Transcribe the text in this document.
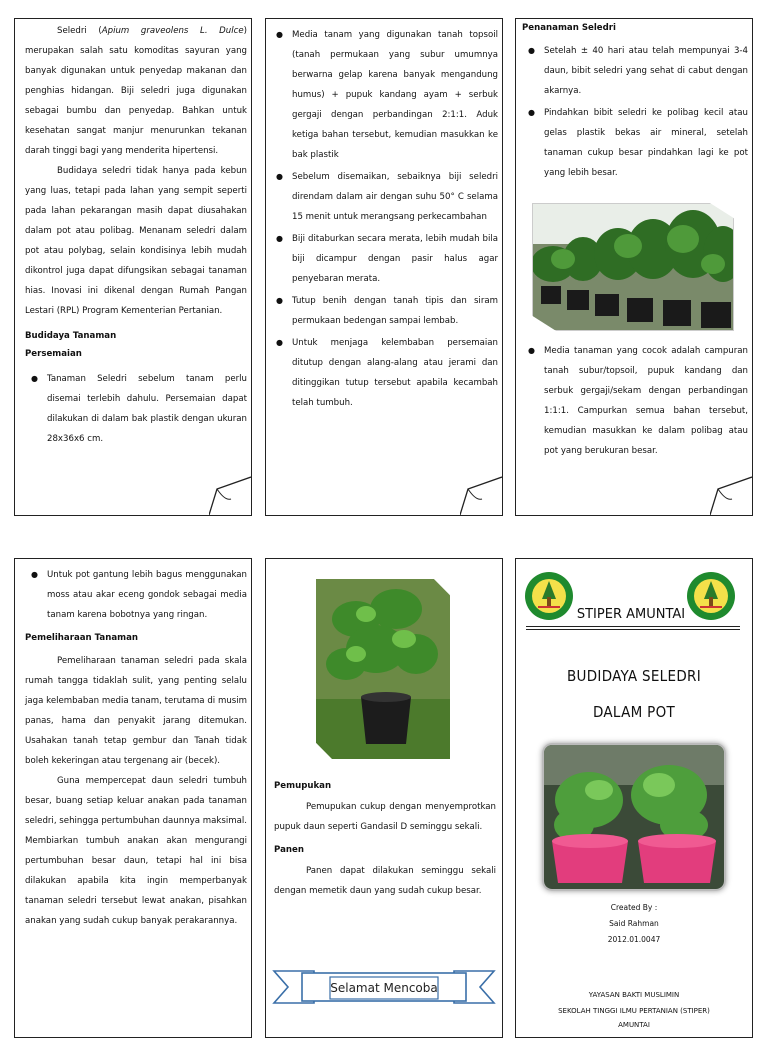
Seledri (Apium graveolens L. Dulce) merupakan salah satu komoditas sayuran yang banyak digunakan untuk penyedap makanan dan penghias hidangan. Biji seledri juga digunakan sebagai bumbu dan penyedap. Bahkan untuk kesehatan sangat manjur menurunkan tekanan darah tinggi bagi yang menderita hipertensi.

Budidaya seledri tidak hanya pada kebun yang luas, tetapi pada lahan yang sempit seperti pada lahan pekarangan masih dapat diusahakan dalam pot atau polibag. Menanam seledri dalam pot atau polybag, selain kondisinya lebih mudah dikontrol juga dapat difungsikan sebagai tanaman hias. Inovasi ini dikenal dengan Rumah Pangan Lestari (RPL) Program Kementerian Pertanian.

Budidaya Tanaman
Persemaian
● Tanaman Seledri sebelum tanam perlu disemai terlebih dahulu. Persemaian dapat dilakukan di dalam bak plastik dengan ukuran 28x36x6 cm.
● Media tanam yang digunakan tanah topsoil (tanah permukaan yang subur umumnya berwarna gelap karena banyak mengandung humus) + pupuk kandang ayam + serbuk gergaji dengan perbandingan 2:1:1. Aduk ketiga bahan tersebut, kemudian masukkan ke bak plastik
● Sebelum disemaikan, sebaiknya biji seledri direndam dalam air dengan suhu 50° C selama 15 menit untuk merangsang perkecambahan
● Biji ditaburkan secara merata, lebih mudah bila biji dicampur dengan pasir halus agar penyebaran merata.
● Tutup benih dengan tanah tipis dan siram permukaan bedengan sampai lembab.
● Untuk menjaga kelembaban persemaian ditutup dengan alang-alang atau jerami dan ditinggikan tutup tersebut apabila kecambah telah tumbuh.
Penanaman Seledri
● Setelah ± 40 hari atau telah mempunyai 3-4 daun, bibit seledri yang sehat di cabut dengan akarnya.
● Pindahkan bibit seledri ke polibag kecil atau gelas plastik bekas air mineral, setelah tanaman cukup besar pindahkan lagi ke pot yang lebih besar.
● Media tanaman yang cocok adalah campuran tanah subur/topsoil, pupuk kandang dan serbuk gergaji/sekam dengan perbandingan 1:1:1. Campurkan semua bahan tersebut, kemudian masukkan ke dalam polibag atau pot yang berukuran besar.
● Untuk pot gantung lebih bagus menggunakan moss atau akar eceng gondok sebagai media tanam karena bobotnya yang ringan.
Pemeliharaan Tanaman

Pemeliharaan tanaman seledri pada skala rumah tangga tidaklah sulit, yang penting selalu jaga kelembaban media tanam, terutama di musim panas, hama dan penyakit jarang ditemukan. Usahakan tanah tetap gembur dan Tanah tidak boleh kekeringan atau tergenang air (becek).

Guna mempercepat daun seledri tumbuh besar, buang setiap keluar anakan pada tanaman seledri, sehingga pertumbuhan daunnya maksimal. Membiarkan tumbuh anakan akan mengurangi pertumbuhan besar daun, tetapi hal ini bisa dilakukan apabila kita ingin memperbanyak tanaman seledri tersebut lewat anakan, pisahkan anakan yang sudah cukup banyak perakarannya.

Pemupukan

Pemupukan cukup dengan menyemprotkan pupuk daun seperti Gandasil D seminggu sekali.

Panen

Panen dapat dilakukan seminggu sekali dengan memetik daun yang sudah cukup besar.

Selamat Mencoba
STIPER AMUNTAI
BUDIDAYA SELEDRI
DALAM POT
Created By :
Said Rahman
2012.01.0047
YAYASAN BAKTI MUSLIMIN
SEKOLAH TINGGI ILMU PERTANIAN (STIPER)
AMUNTAI
